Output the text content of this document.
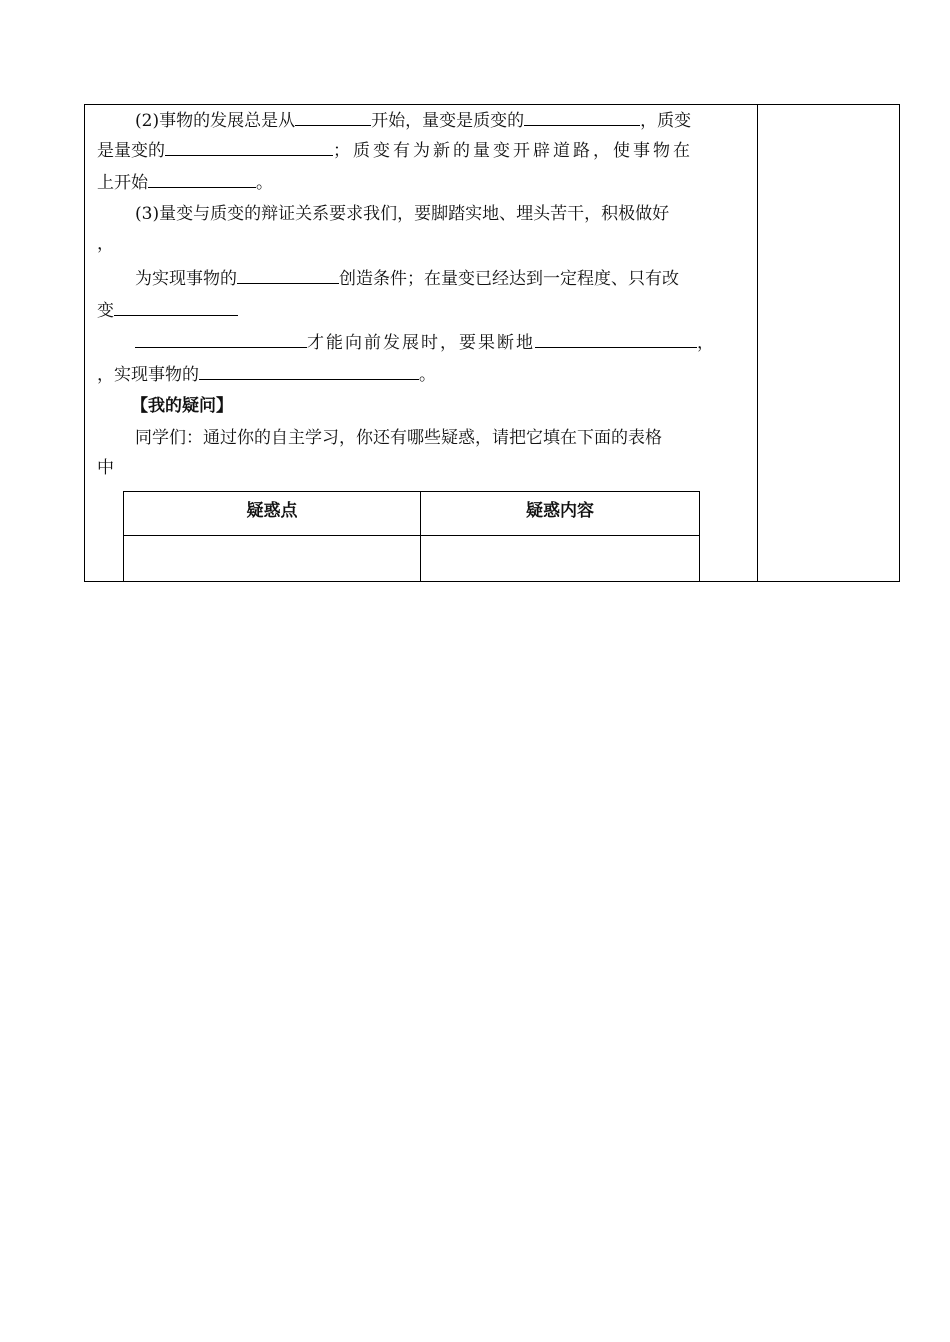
(2)事物的发展总是从	开始，量变是质变的	，质变
是量变的	；质变有为新的量变开辟道路，使事物在
上开始	。
(3)量变与质变的辩证关系要求我们，要脚踏实地、埋头苦干，积极做好
，
为实现事物的	创造条件；在量变已经达到一定程度、只有改
变
才能向前发展时，要果断地	，
，实现事物的	。
【我的疑问】
同学们：通过你的自主学习，你还有哪些疑惑，请把它填在下面的表格
中
疑惑点	疑惑内容
